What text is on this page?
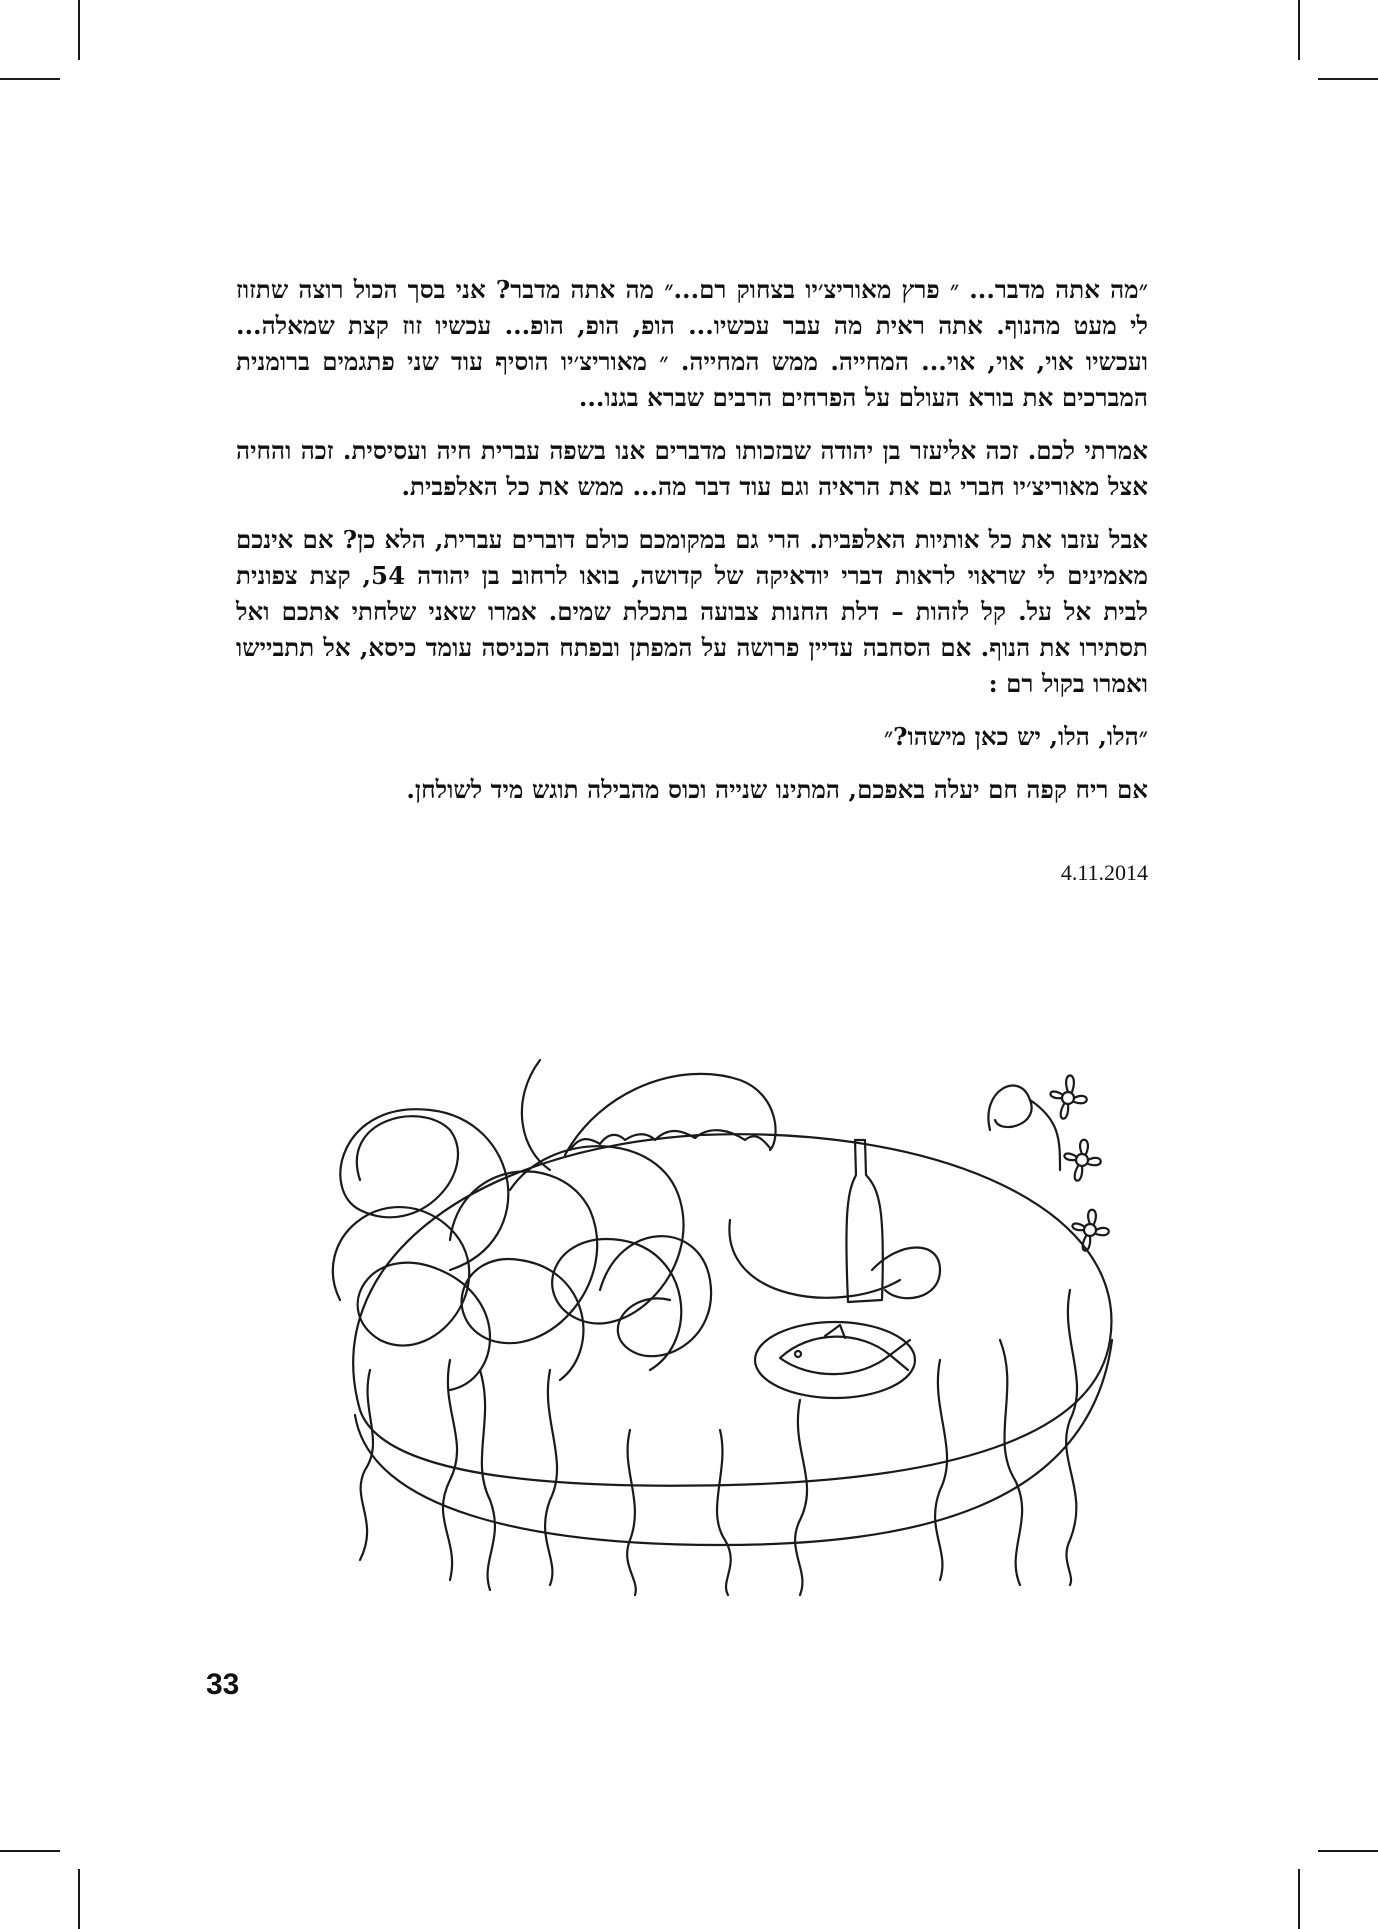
״מה אתה מדבר... ״ פרץ מאוריצ׳יו בצחוק רם...״ מה אתה מדבר? אני בסך הכול רוצה שתזוז לי מעט מהנוף. אתה ראית מה עבר עכשיו... הופ, הופ, הופ... עכשיו זוז קצת שמאלה... ועכשיו אוי, אוי, אוי... המחייה. ממש המחייה. ״ מאוריצ׳יו הוסיף עוד שני פתגמים ברומנית המברכים את בורא העולם על הפרחים הרבים שברא בגנו...

אמרתי לכם. זכה אליעזר בן יהודה שבזכותו מדברים אנו בשפה עברית חיה ועסיסית. זכה והחיה אצל מאוריצ׳יו חברי גם את הראיה וגם עוד דבר מה... ממש את כל האלפבית.

אבל עזבו את כל אותיות האלפבית. הרי גם במקומכם כולם דוברים עברית, הלא כן? אם אינכם מאמינים לי שראוי לראות דברי יודאיקה של קדושה, בואו לרחוב בן יהודה 54, קצת צפונית לבית אל על. קל לזהות – דלת החנות צבועה בתכלת שמים. אמרו שאני שלחתי אתכם ואל תסתירו את הנוף. אם הסחבה עדיין פרושה על המפתן ובפתח הכניסה עומד כיסא, אל תתביישו ואמרו בקול רם :

״הלו, הלו, יש כאן מישהו?״

אם ריח קפה חם יעלה באפכם, המתינו שנייה וכוס מהבילה תוגש מיד לשולחן.

4.11.2014
33
